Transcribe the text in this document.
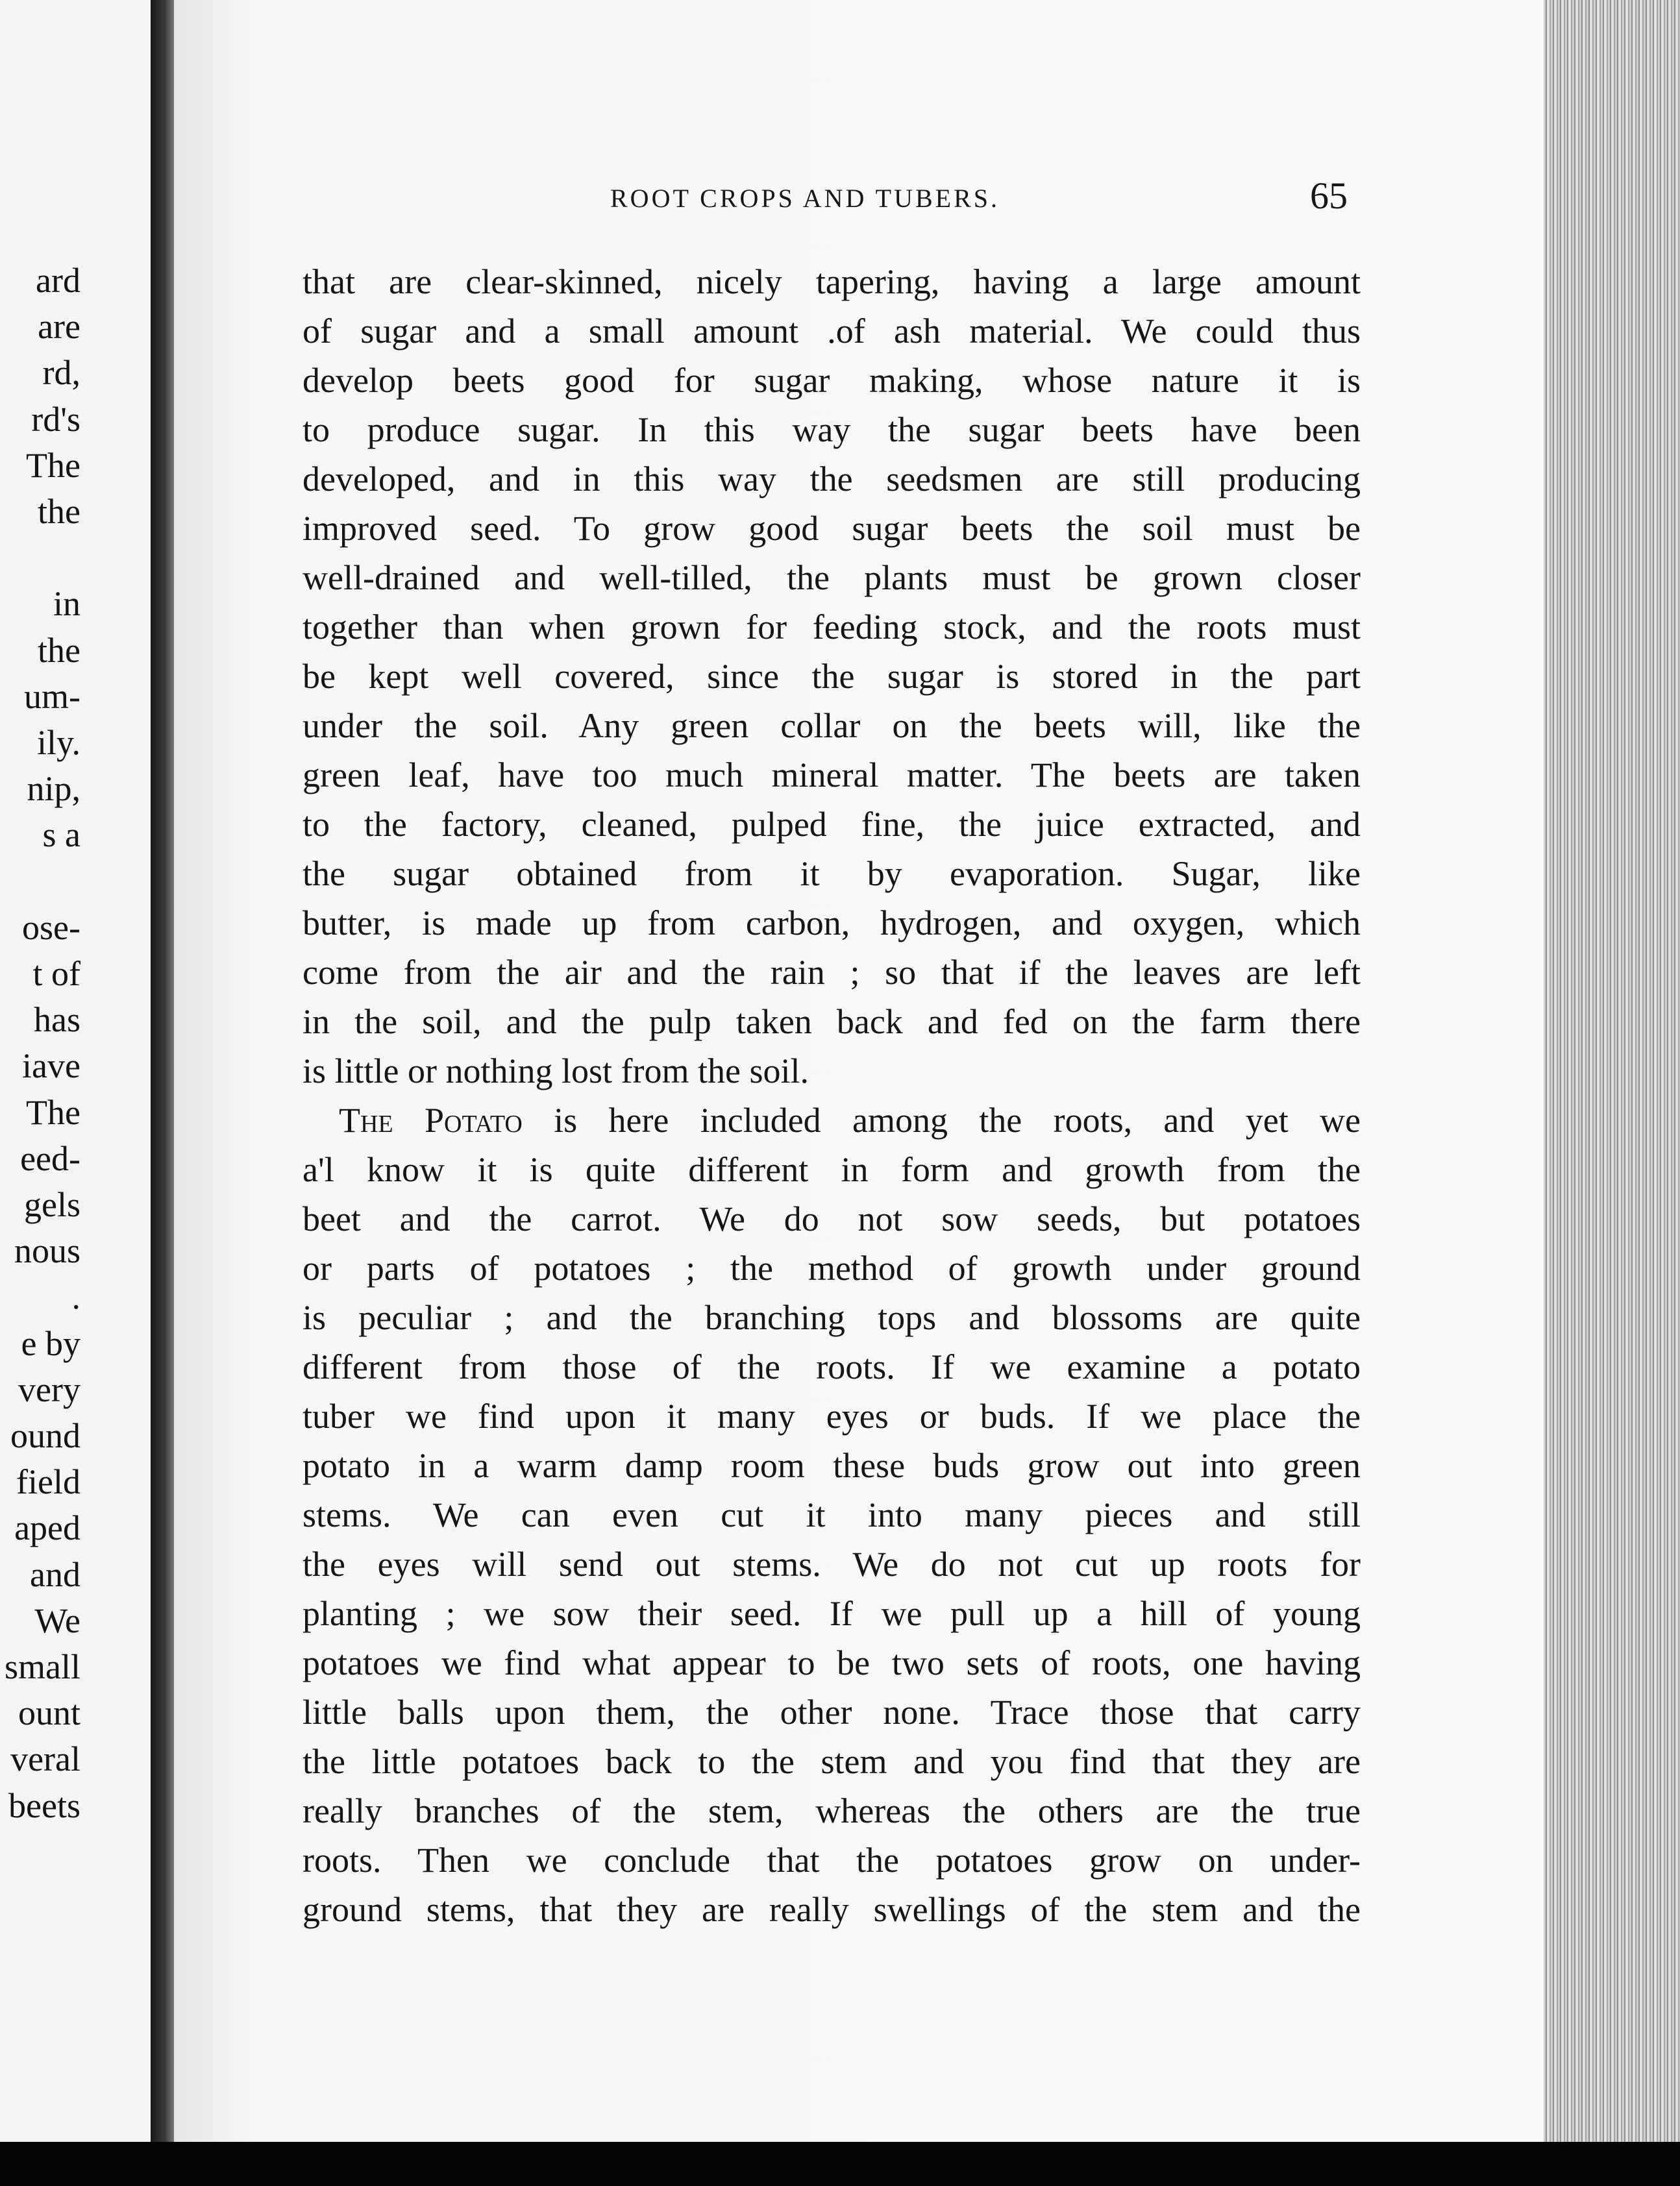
ard
are
rd,
rd's
The
the
in
the
um-
ily.
nip,
s a
ose-
t of
has
iave
The
eed-
gels
nous
.
e by
very
ound
field
aped
and
We
small
ount
veral
beets
ROOT CROPS AND TUBERS.	65
that are clear-skinned, nicely tapering, having a large amount
of sugar and a small amount .of ash material. We could thus
develop beets good for sugar making, whose nature it is
to produce sugar. In this way the sugar beets have been
developed, and in this way the seedsmen are still producing
improved seed. To grow good sugar beets the soil must be
well-drained and well-tilled, the plants must be grown closer
together than when grown for feeding stock, and the roots must
be kept well covered, since the sugar is stored in the part
under the soil. Any green collar on the beets will, like the
green leaf, have too much mineral matter. The beets are taken
to the factory, cleaned, pulped fine, the juice extracted, and
the sugar obtained from it by evaporation. Sugar, like
butter, is made up from carbon, hydrogen, and oxygen, which
come from the air and the rain ; so that if the leaves are left
in the soil, and the pulp taken back and fed on the farm there
is little or nothing lost from the soil.
The Potato is here included among the roots, and yet we
a'l know it is quite different in form and growth from the
beet and the carrot. We do not sow seeds, but potatoes
or parts of potatoes ; the method of growth under ground
is peculiar ; and the branching tops and blossoms are quite
different from those of the roots. If we examine a potato
tuber we find upon it many eyes or buds. If we place the
potato in a warm damp room these buds grow out into green
stems. We can even cut it into many pieces and still
the eyes will send out stems. We do not cut up roots for
planting ; we sow their seed. If we pull up a hill of young
potatoes we find what appear to be two sets of roots, one having
little balls upon them, the other none. Trace those that carry
the little potatoes back to the stem and you find that they are
really branches of the stem, whereas the others are the true
roots. Then we conclude that the potatoes grow on under-
ground stems, that they are really swellings of the stem and the
